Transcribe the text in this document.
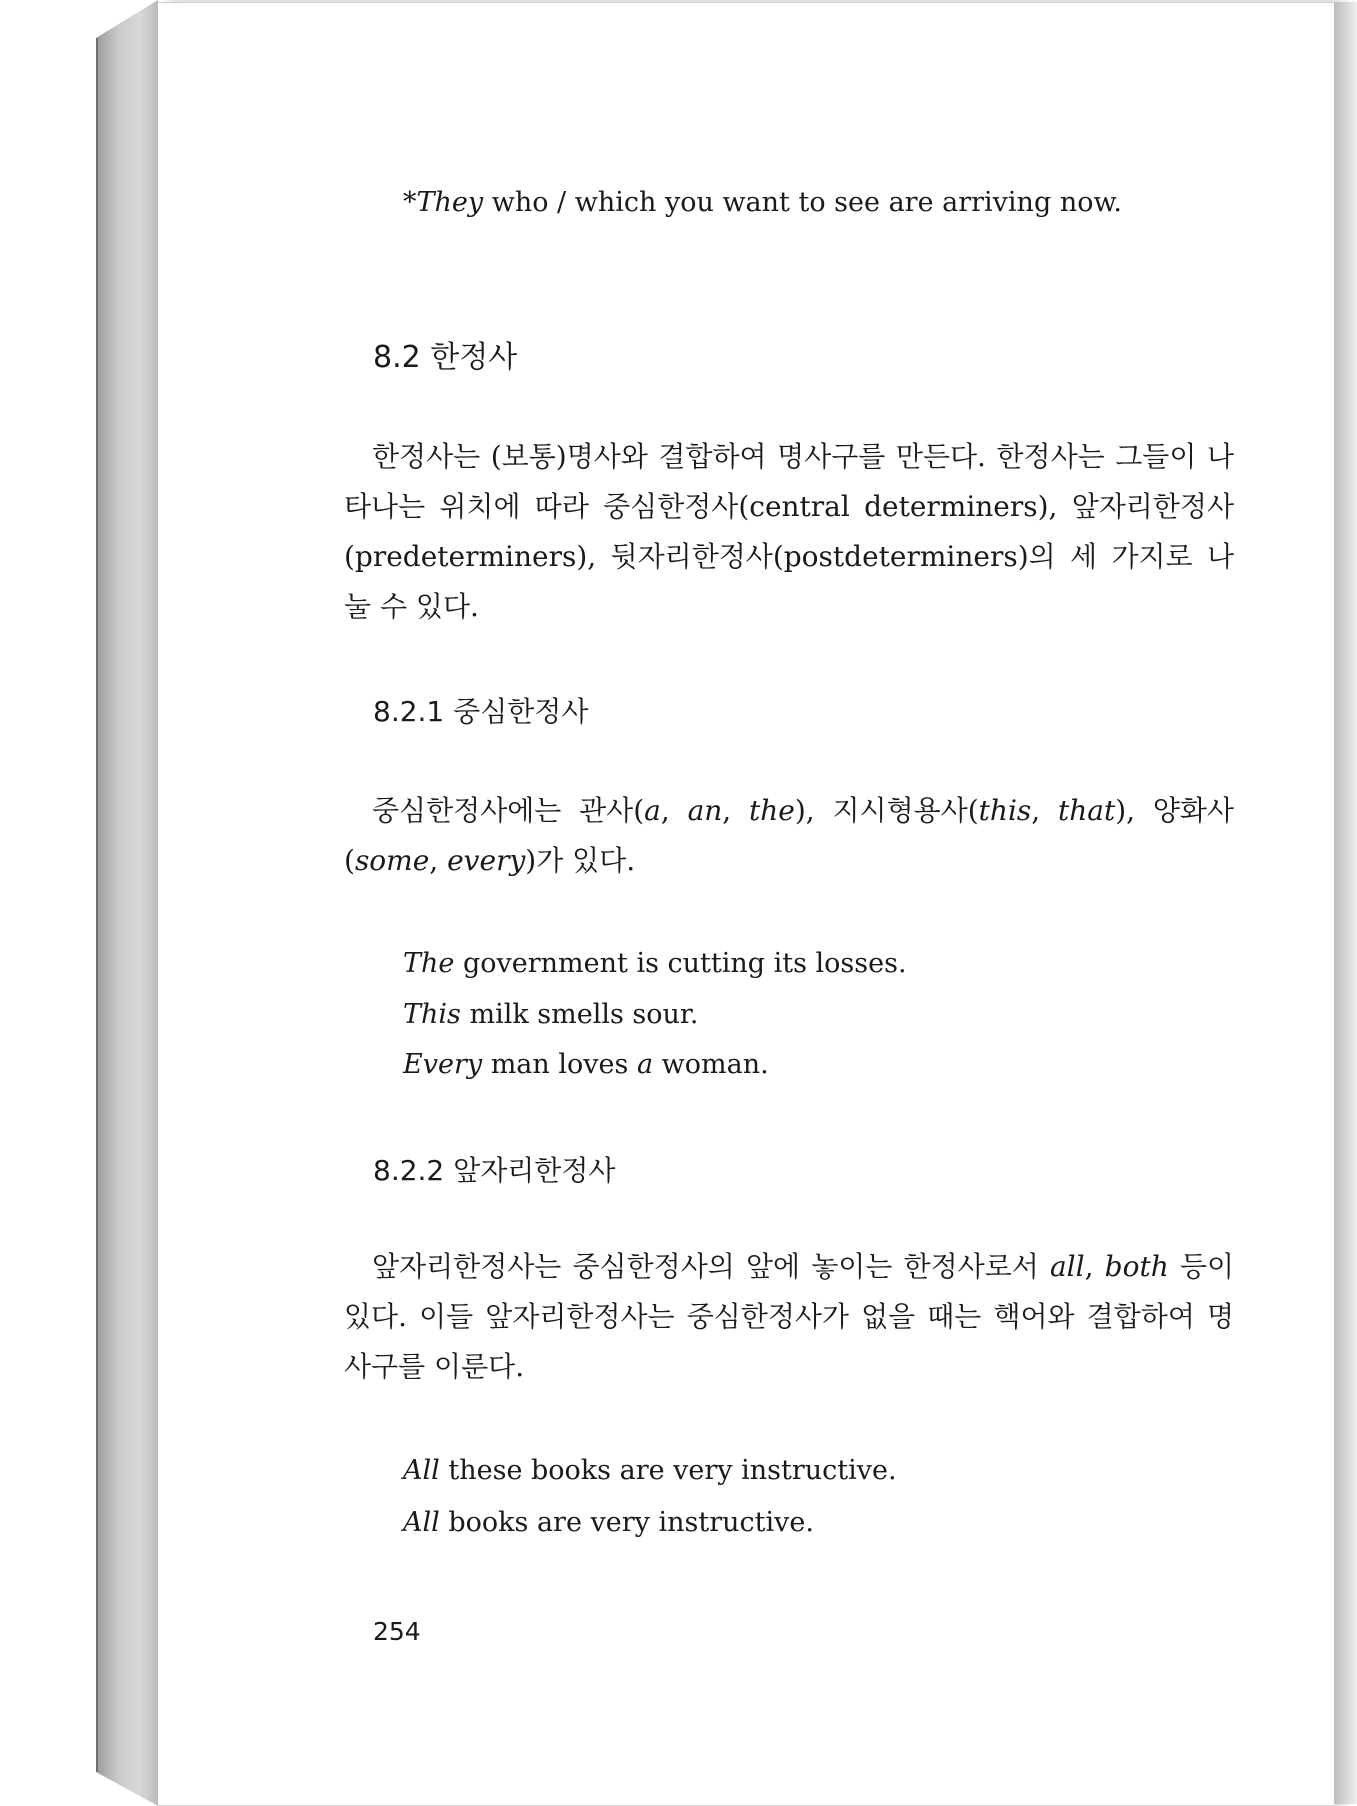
*They who / which you want to see are arriving now.
8.2 한정사
한정사는 (보통)명사와 결합하여 명사구를 만든다. 한정사는 그들이 나타나는 위치에 따라 중심한정사(central determiners), 앞자리한정사(predeterminers), 뒷자리한정사(postdeterminers)의 세 가지로 나눌 수 있다.
8.2.1 중심한정사
중심한정사에는 관사(a, an, the), 지시형용사(this, that), 양화사(some, every)가 있다.
The government is cutting its losses.
This milk smells sour.
Every man loves a woman.
8.2.2 앞자리한정사
앞자리한정사는 중심한정사의 앞에 놓이는 한정사로서 all, both 등이 있다. 이들 앞자리한정사는 중심한정사가 없을 때는 핵어와 결합하여 명사구를 이룬다.
All these books are very instructive.
All books are very instructive.
254
